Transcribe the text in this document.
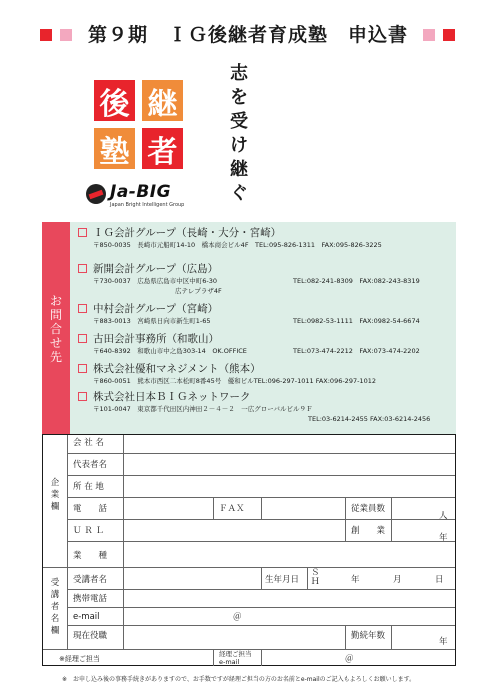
第９期　ＩＧ後継者育成塾　申込書
後 継
塾 者
志
を
受
け
継
ぐ
Ja-BIG
Japan Bright Intelligent Group
お
問
合
せ
先
ＩＧ会計グループ（長崎・大分・宮崎）
〒850-0035　長崎市元船町14-10　橋本商会ビル4F　TEL:095-826-1311　FAX:095-826-3225
新開会計グループ（広島）
〒730-0037　広島県広島市中区中町6-30	TEL:082-241-8309　FAX:082-243-8319
広テレプラザ4F
中村会計グループ（宮崎）
〒883-0013　宮崎県日向市新生町1-65	TEL:0982-53-1111　FAX:0982-54-6674
古田会計事務所（和歌山）
〒640-8392　和歌山市中之島303-14　OK.OFFICE	TEL:073-474-2212　FAX:073-474-2202
株式会社優和マネジメント（熊本）
〒860-0051　熊本市西区二本松町8番45号　優和ビルTEL:096-297-1011 FAX:096-297-1012
株式会社日本ＢＩＧネットワーク
〒101-0047　東京都千代田区内神田２－４－２　一広グローバルビル９Ｆ
TEL:03-6214-2455 FAX:03-6214-2456
企
業
欄
受
講
者
名
欄
会 社 名
代表者名
所 在 地
電　　話	ＦＡＸ	従業員数
人
Ｕ Ｒ Ｌ	創　　業
年
業　　種
受講者名	生年月日
Ｓ
Ｈ	年	月	日
携帯電話
e-mail	＠
現在役職	勤続年数
年
※経理ご担当
経理ご担当
e-mail	＠
※　お申し込み後の事務手続きがありますので、お手数ですが経理ご担当の方のお名前とe-mailのご記入もよろしくお願いします。
